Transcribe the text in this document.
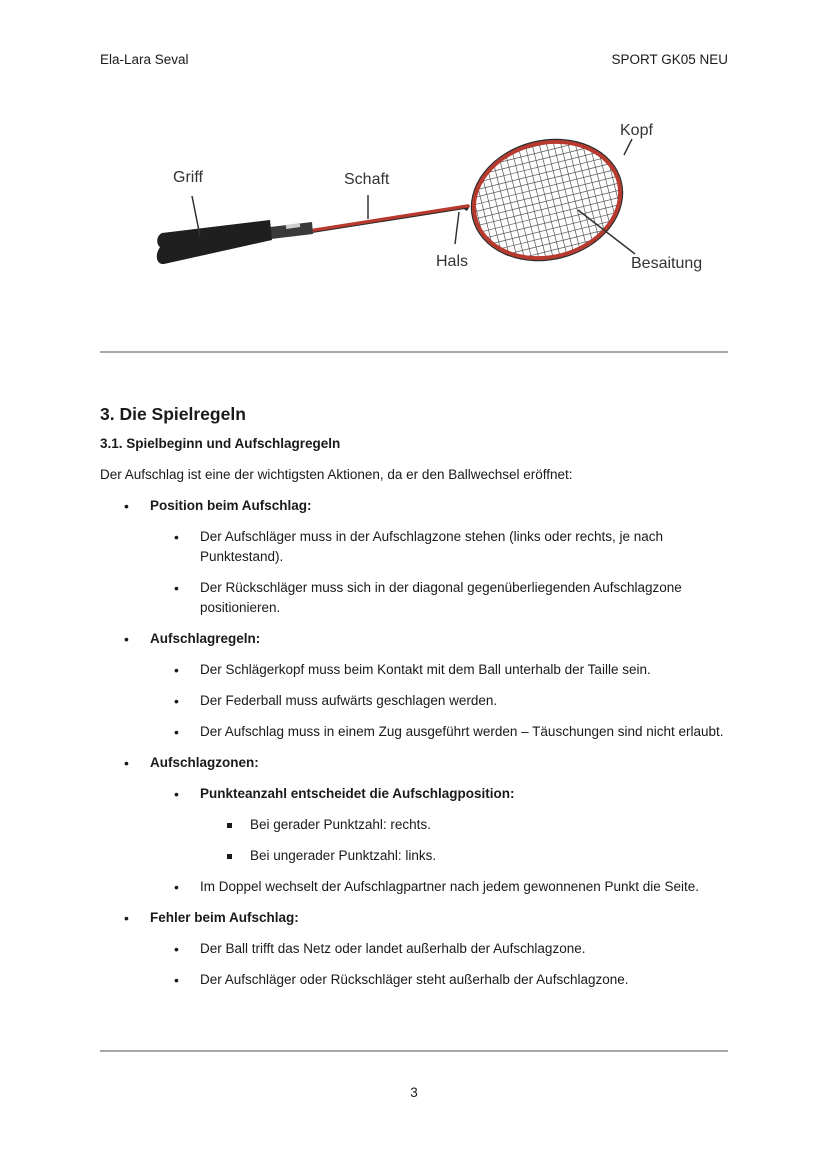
Ela-Lara Seval	SPORT GK05 NEU
Kopf
Griff	Schaft
Hals	Besaitung
3. Die Spielregeln
3.1. Spielbeginn und Aufschlagregeln

Der Aufschlag ist eine der wichtigsten Aktionen, da er den Ballwechsel eröffnet:

• Position beim Aufschlag:
• Der Aufschläger muss in der Aufschlagzone stehen (links oder rechts, je nach Punktestand).
• Der Rückschläger muss sich in der diagonal gegenüberliegenden Aufschlagzone positionieren.
• Aufschlagregeln:
• Der Schlägerkopf muss beim Kontakt mit dem Ball unterhalb der Taille sein.
• Der Federball muss aufwärts geschlagen werden.
• Der Aufschlag muss in einem Zug ausgeführt werden – Täuschungen sind nicht erlaubt.
• Aufschlagzonen:
• Punkteanzahl entscheidet die Aufschlagposition:
Bei gerader Punktzahl: rechts.
Bei ungerader Punktzahl: links.
• Im Doppel wechselt der Aufschlagpartner nach jedem gewonnenen Punkt die Seite.
• Fehler beim Aufschlag:
• Der Ball trifft das Netz oder landet außerhalb der Aufschlagzone.
• Der Aufschläger oder Rückschläger steht außerhalb der Aufschlagzone.
3
